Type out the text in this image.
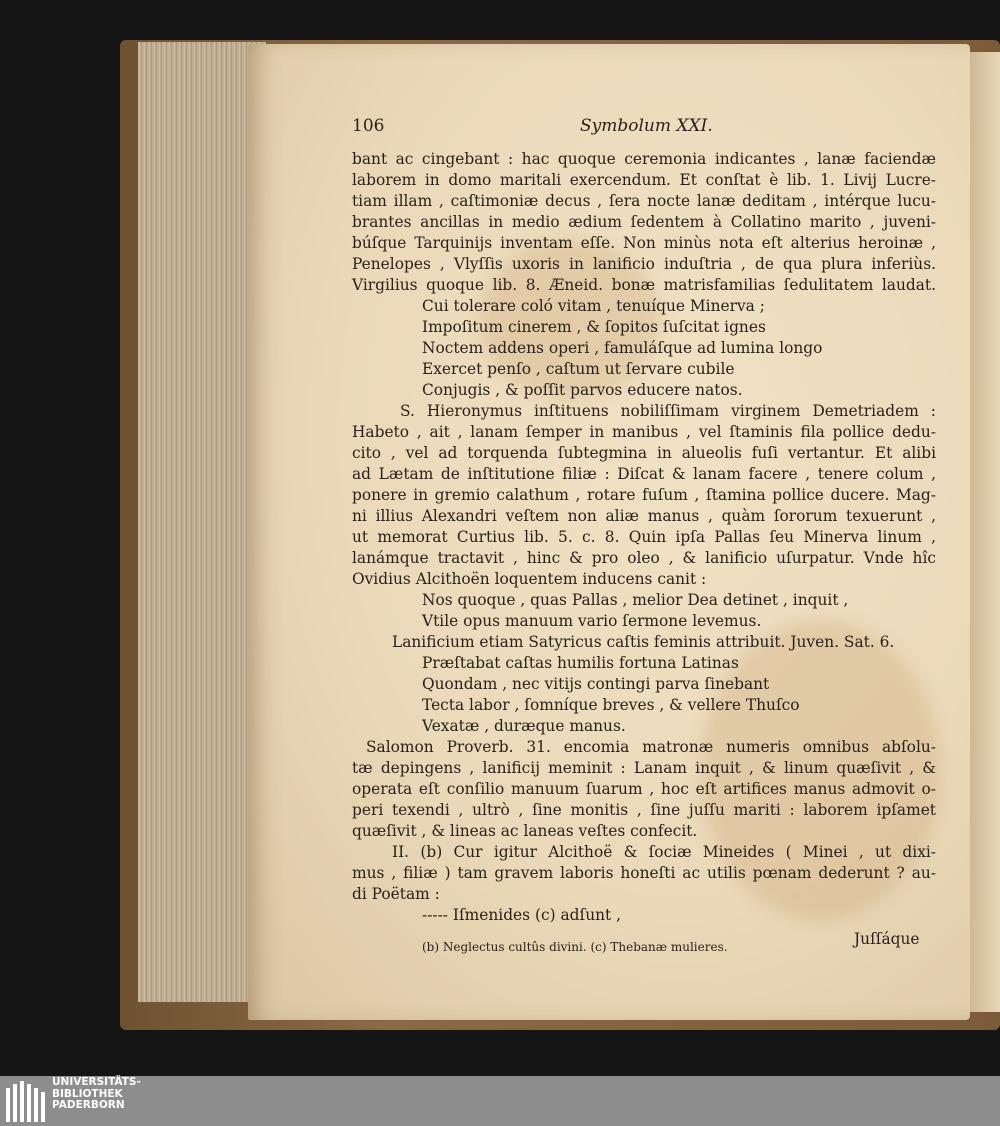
106	Symbolum XXI.
bant ac cingebant : hac quoque ceremonia indicantes , lanæ faciendæ
laborem in domo maritali exercendum. Et conſtat è lib. 1. Livij Lucre-
tiam illam , caſtimoniæ decus , ſera nocte lanæ deditam , intérque lucu-
brantes ancillas in medio ædium ſedentem à Collatino marito , juveni-
búſque Tarquinijs inventam eſſe. Non minùs nota eſt alterius heroinæ ,
Penelopes , Vlyſſis uxoris in lanificio induſtria , de qua plura inferiùs.
Virgilius quoque lib. 8. Æneid. bonæ matrisfamilias ſedulitatem laudat.
Cui tolerare coló vitam , tenuíque Minerva ;
Impoſitum cinerem , & ſopitos ſuſcitat ignes
Noctem addens operi , famuláſque ad lumina longo
Exercet penſo , caſtum ut ſervare cubile
Conjugis , & poſſit parvos educere natos.
S. Hieronymus inſtituens nobiliſſimam virginem Demetriadem :
Habeto , ait , lanam ſemper in manibus , vel ſtaminis fila pollice dedu-
cito , vel ad torquenda ſubtegmina in alueolis fuſi vertantur. Et alibi
ad Lætam de inſtitutione filiæ : Diſcat & lanam facere , tenere colum ,
ponere in gremio calathum , rotare fuſum , ſtamina pollice ducere. Mag-
ni illius Alexandri veſtem non aliæ manus , quàm ſororum texuerunt ,
ut memorat Curtius lib. 5. c. 8. Quin ipſa Pallas ſeu Minerva linum ,
lanámque tractavit , hinc & pro oleo , & lanificio uſurpatur. Vnde hîc
Ovidius Alcithoën loquentem inducens canit :
Nos quoque , quas Pallas , melior Dea detinet , inquit ,
Vtile opus manuum vario ſermone levemus.
Lanificium etiam Satyricus caſtis feminis attribuit. Juven. Sat. 6.
Præſtabat caſtas humilis fortuna Latinas
Quondam , nec vitijs contingi parva ſinebant
Tecta labor , ſomníque breves , & vellere Thuſco
Vexatæ , duræque manus.
Salomon Proverb. 31. encomia matronæ numeris omnibus abſolu-
tæ depingens , lanificij meminit : Lanam inquit , & linum quæſivit , &
operata eſt conſilio manuum ſuarum , hoc eſt artifices manus admovit o-
peri texendi , ultrò , ſine monitis , ſine juſſu mariti : laborem ipſamet
quæſivit , & lineas ac laneas veſtes confecit.
II. (b) Cur igitur Alcithoë & ſociæ Mineides ( Minei , ut dixi-
mus , filiæ ) tam gravem laboris honeſti ac utilis pœnam dederunt ? au-
di Poëtam :
----- Iſmenides (c) adſunt ,
Juſſáque
(b) Neglectus cultûs divini. (c) Thebanæ mulieres.
UNIVERSITÄTS-
BIBLIOTHEK
PADERBORN
